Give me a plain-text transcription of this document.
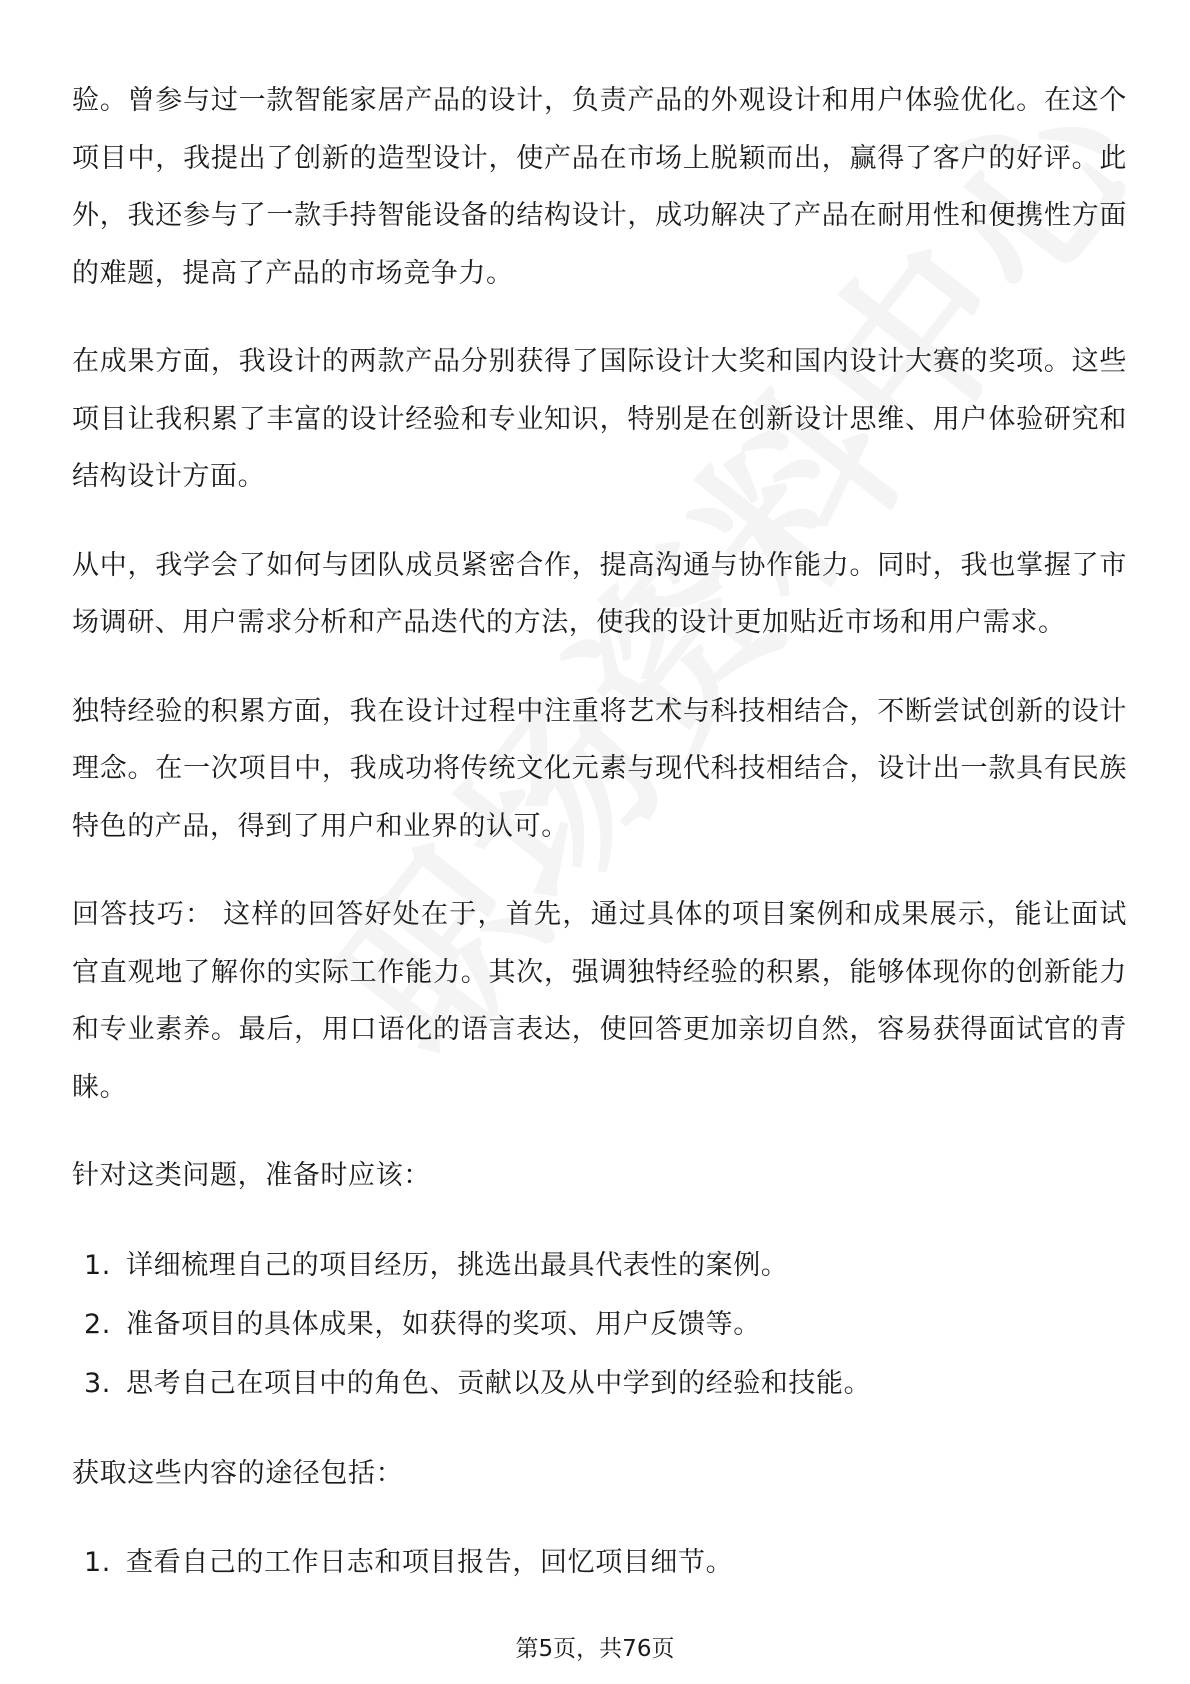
验。曾参与过一款智能家居产品的设计，负责产品的外观设计和用户体验优化。在这个项目中，我提出了创新的造型设计，使产品在市场上脱颖而出，赢得了客户的好评。此外，我还参与了一款手持智能设备的结构设计，成功解决了产品在耐用性和便携性方面的难题，提高了产品的市场竞争力。

在成果方面，我设计的两款产品分别获得了国际设计大奖和国内设计大赛的奖项。这些项目让我积累了丰富的设计经验和专业知识，特别是在创新设计思维、用户体验研究和结构设计方面。

从中，我学会了如何与团队成员紧密合作，提高沟通与协作能力。同时，我也掌握了市场调研、用户需求分析和产品迭代的方法，使我的设计更加贴近市场和用户需求。

独特经验的积累方面，我在设计过程中注重将艺术与科技相结合，不断尝试创新的设计理念。在一次项目中，我成功将传统文化元素与现代科技相结合，设计出一款具有民族特色的产品，得到了用户和业界的认可。

回答技巧： 这样的回答好处在于，首先，通过具体的项目案例和成果展示，能让面试官直观地了解你的实际工作能力。其次，强调独特经验的积累，能够体现你的创新能力和专业素养。最后，用口语化的语言表达，使回答更加亲切自然，容易获得面试官的青睐。

针对这类问题，准备时应该：

1. 详细梳理自己的项目经历，挑选出最具代表性的案例。
2. 准备项目的具体成果，如获得的奖项、用户反馈等。
3. 思考自己在项目中的角色、贡献以及从中学到的经验和技能。

获取这些内容的途径包括：

1. 查看自己的工作日志和项目报告，回忆项目细节。
第5页，共76页
